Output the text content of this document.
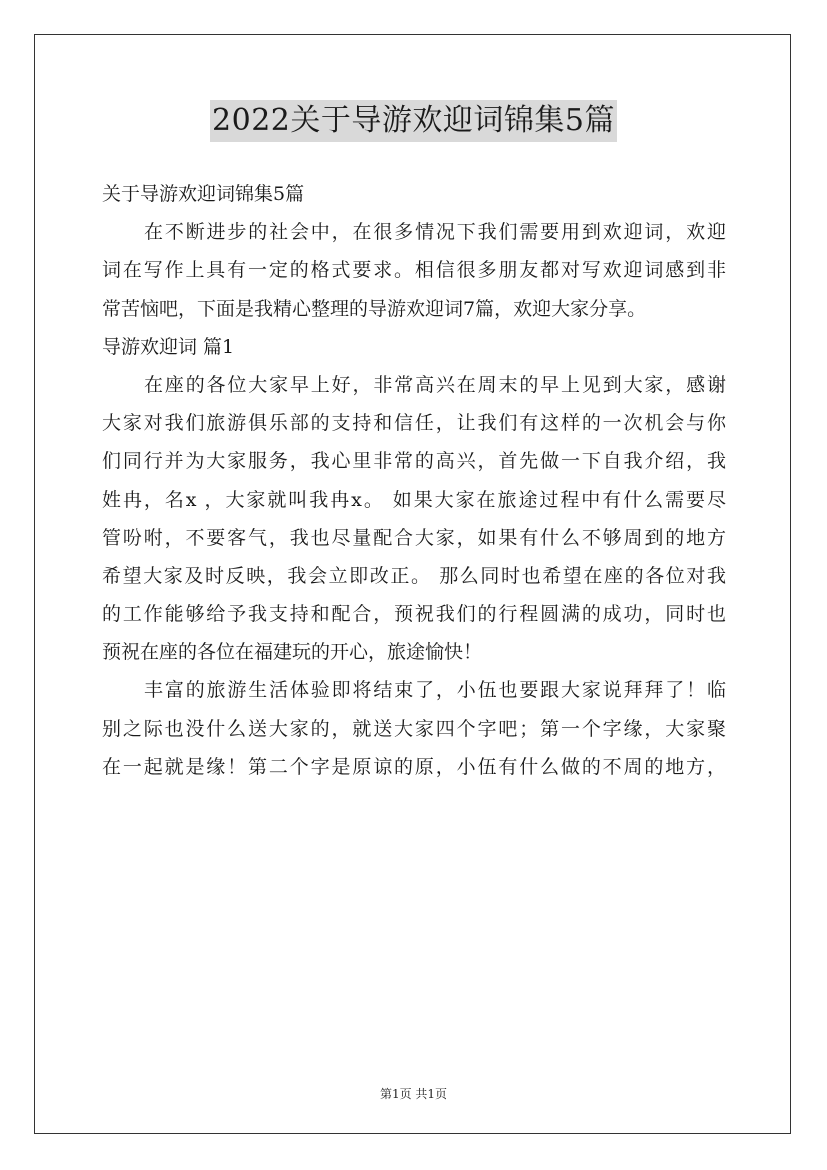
2022关于导游欢迎词锦集5篇
关于导游欢迎词锦集5篇
在不断进步的社会中，在很多情况下我们需要用到欢迎词，欢迎
词在写作上具有一定的格式要求。相信很多朋友都对写欢迎词感到非
常苦恼吧，下面是我精心整理的导游欢迎词7篇，欢迎大家分享。
导游欢迎词 篇1
在座的各位大家早上好，非常高兴在周末的早上见到大家，感谢
大家对我们旅游俱乐部的支持和信任，让我们有这样的一次机会与你
们同行并为大家服务，我心里非常的高兴，首先做一下自我介绍，我
姓冉，名x ，大家就叫我冉x。 如果大家在旅途过程中有什么需要尽
管吩咐，不要客气，我也尽量配合大家，如果有什么不够周到的地方
希望大家及时反映，我会立即改正。 那么同时也希望在座的各位对我
的工作能够给予我支持和配合，预祝我们的行程圆满的成功，同时也
预祝在座的各位在福建玩的开心，旅途愉快！
丰富的旅游生活体验即将结束了，小伍也要跟大家说拜拜了！临
别之际也没什么送大家的，就送大家四个字吧；第一个字缘，大家聚
在一起就是缘！第二个字是原谅的原，小伍有什么做的不周的地方，
第1页 共1页
